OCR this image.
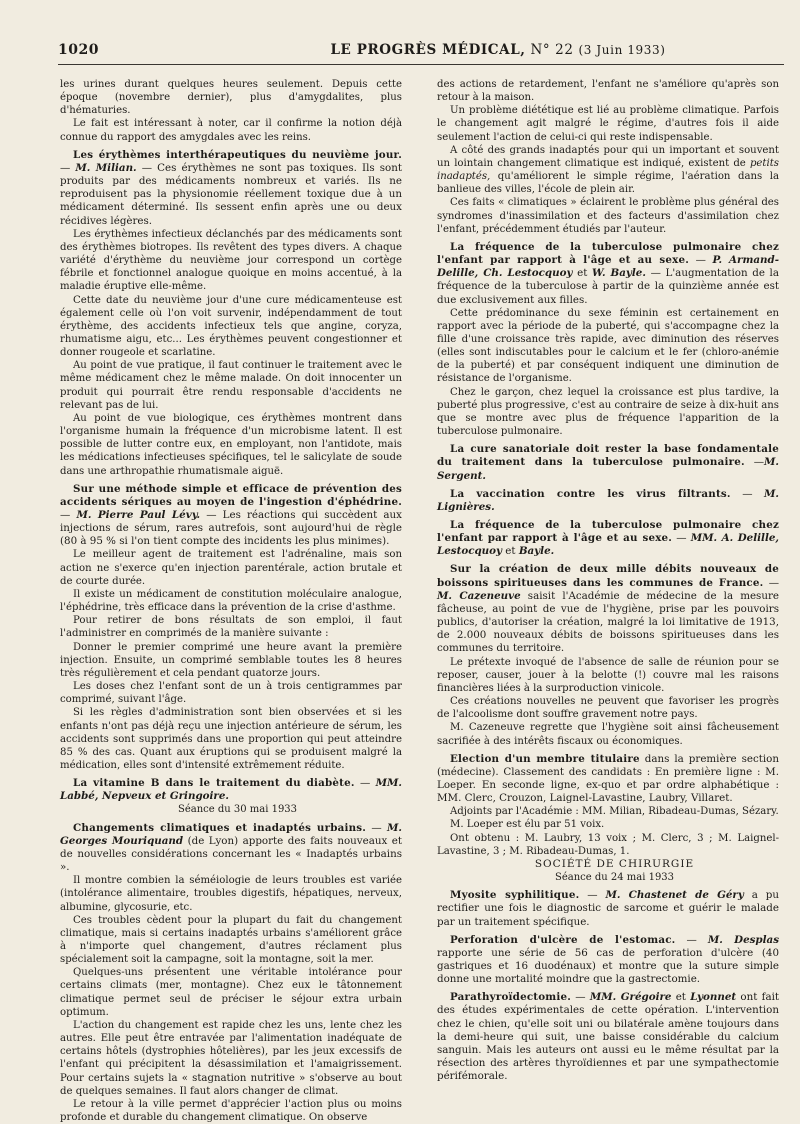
1020	LE PROGRÈS MÉDICAL, N° 22 (3 Juin 1933)

les urines durant quelques heures seulement. Depuis cette époque (novembre dernier), plus d'amygdalites, plus d'hématuries.

Le fait est intéressant à noter, car il confirme la notion déjà connue du rapport des amygdales avec les reins.

Les érythèmes interthérapeutiques du neuvième jour. — M. Milian. — Ces érythèmes ne sont pas toxiques. Ils sont produits par des médicaments nombreux et variés. Ils ne reproduisent pas la physionomie réellement toxique due à un médicament déterminé. Ils sessent enfin après une ou deux récidives légères.

Les érythèmes infectieux déclanchés par des médicaments sont des érythèmes biotropes. Ils revêtent des types divers. A chaque variété d'érythème du neuvième jour correspond un cortège fébrile et fonctionnel analogue quoique en moins accentué, à la maladie éruptive elle-même.

Cette date du neuvième jour d'une cure médicamenteuse est également celle où l'on voit survenir, indépendamment de tout érythème, des accidents infectieux tels que angine, coryza, rhumatisme aigu, etc... Les érythèmes peuvent congestionner et donner rougeole et scarlatine.

Au point de vue pratique, il faut continuer le traitement avec le même médicament chez le même malade. On doit innocenter un produit qui pourrait être rendu responsable d'accidents ne relevant pas de lui.

Au point de vue biologique, ces érythèmes montrent dans l'organisme humain la fréquence d'un microbisme latent. Il est possible de lutter contre eux, en employant, non l'antidote, mais les médications infectieuses spécifiques, tel le salicylate de soude dans une arthropathie rhumatismale aiguë.

Sur une méthode simple et efficace de prévention des accidents sériques au moyen de l'ingestion d'éphédrine. — M. Pierre Paul Lévy. — Les réactions qui succèdent aux injections de sérum, rares autrefois, sont aujourd'hui de règle (80 à 95 % si l'on tient compte des incidents les plus minimes).

Le meilleur agent de traitement est l'adrénaline, mais son action ne s'exerce qu'en injection parentérale, action brutale et de courte durée.

Il existe un médicament de constitution moléculaire analogue, l'éphédrine, très efficace dans la prévention de la crise d'asthme.

Pour retirer de bons résultats de son emploi, il faut l'administrer en comprimés de la manière suivante :

Donner le premier comprimé une heure avant la première injection. Ensuite, un comprimé semblable toutes les 8 heures très régulièrement et cela pendant quatorze jours.

Les doses chez l'enfant sont de un à trois centigrammes par comprimé, suivant l'âge.

Si les règles d'administration sont bien observées et si les enfants n'ont pas déjà reçu une injection antérieure de sérum, les accidents sont supprimés dans une proportion qui peut atteindre 85 % des cas. Quant aux éruptions qui se produisent malgré la médication, elles sont d'intensité extrêmement réduite.

La vitamine B dans le traitement du diabète. — MM. Labbé, Nepveux et Gringoire.

Séance du 30 mai 1933

Changements climatiques et inadaptés urbains. — M. Georges Mouriquand (de Lyon) apporte des faits nouveaux et de nouvelles considérations concernant les « Inadaptés urbains ».

Il montre combien la séméiologie de leurs troubles est variée (intolérance alimentaire, troubles digestifs, hépatiques, nerveux, albumine, glycosurie, etc.

Ces troubles cèdent pour la plupart du fait du changement climatique, mais si certains inadaptés urbains s'améliorent grâce à n'importe quel changement, d'autres réclament plus spécialement soit la campagne, soit la montagne, soit la mer.

Quelques-uns présentent une véritable intolérance pour certains climats (mer, montagne). Chez eux le tâtonnement climatique permet seul de préciser le séjour extra urbain optimum.

L'action du changement est rapide chez les uns, lente chez les autres. Elle peut être entravée par l'alimentation inadéquate de certains hôtels (dystrophies hôtelières), par les jeux excessifs de l'enfant qui précipitent la désassimilation et l'amaigrissement. Pour certains sujets la « stagnation nutritive » s'observe au bout de quelques semaines. Il faut alors changer de climat.

Le retour à la ville permet d'apprécier l'action plus ou moins profonde et durable du changement climatique. On observe

des actions de retardement, l'enfant ne s'améliore qu'après son retour à la maison.

Un problème diététique est lié au problème climatique. Parfois le changement agit malgré le régime, d'autres fois il aide seulement l'action de celui-ci qui reste indispensable.

A côté des grands inadaptés pour qui un important et souvent un lointain changement climatique est indiqué, existent de petits inadaptés, qu'améliorent le simple régime, l'aération dans la banlieue des villes, l'école de plein air.

Ces faits « climatiques » éclairent le problème plus général des syndromes d'inassimilation et des facteurs d'assimilation chez l'enfant, précédemment étudiés par l'auteur.

La fréquence de la tuberculose pulmonaire chez l'enfant par rapport à l'âge et au sexe. — P. Armand-Delille, Ch. Lestocquoy et W. Bayle. — L'augmentation de la fréquence de la tuberculose à partir de la quinzième année est due exclusivement aux filles.

Cette prédominance du sexe féminin est certainement en rapport avec la période de la puberté, qui s'accompagne chez la fille d'une croissance très rapide, avec diminution des réserves (elles sont indiscutables pour le calcium et le fer (chloro-anémie de la puberté) et par conséquent indiquent une diminution de résistance de l'organisme.

Chez le garçon, chez lequel la croissance est plus tardive, la puberté plus progressive, c'est au contraire de seize à dix-huit ans que se montre avec plus de fréquence l'apparition de la tuberculose pulmonaire.

La cure sanatoriale doit rester la base fondamentale du traitement dans la tuberculose pulmonaire. —M. Sergent.

La vaccination contre les virus filtrants. — M. Lignières.

La fréquence de la tuberculose pulmonaire chez l'enfant par rapport à l'âge et au sexe. — MM. A. Delille, Lestocquoy et Bayle.

Sur la création de deux mille débits nouveaux de boissons spiritueuses dans les communes de France. — M. Cazeneuve saisit l'Académie de médecine de la mesure fâcheuse, au point de vue de l'hygiène, prise par les pouvoirs publics, d'autoriser la création, malgré la loi limitative de 1913, de 2.000 nouveaux débits de boissons spiritueuses dans les communes du territoire.

Le prétexte invoqué de l'absence de salle de réunion pour se reposer, causer, jouer à la belotte (!) couvre mal les raisons financières liées à la surproduction vinicole.

Ces créations nouvelles ne peuvent que favoriser les progrès de l'alcoolisme dont souffre gravement notre pays.

M. Cazeneuve regrette que l'hygiène soit ainsi fâcheusement sacrifiée à des intérêts fiscaux ou économiques.

Election d'un membre titulaire dans la première section (médecine). Classement des candidats : En première ligne : M. Loeper. En seconde ligne, ex-quo et par ordre alphabétique : MM. Clerc, Crouzon, Laignel-Lavastine, Laubry, Villaret.

Adjoints par l'Académie : MM. Milian, Ribadeau-Dumas, Sézary.

M. Loeper est élu par 51 voix.

Ont obtenu : M. Laubry, 13 voix ; M. Clerc, 3 ; M. Laignel-Lavastine, 3 ; M. Ribadeau-Dumas, 1.

SOCIÉTÉ DE CHIRURGIE

Séance du 24 mai 1933

Myosite syphilitique. — M. Chastenet de Géry a pu rectifier une fois le diagnostic de sarcome et guérir le malade par un traitement spécifique.

Perforation d'ulcère de l'estomac. — M. Desplas rapporte une série de 56 cas de perforation d'ulcère (40 gastriques et 16 duodénaux) et montre que la suture simple donne une mortalité moindre que la gastrectomie.

Parathyroïdectomie. — MM. Grégoire et Lyonnet ont fait des études expérimentales de cette opération. L'intervention chez le chien, qu'elle soit uni ou bilatérale amène toujours dans la demi-heure qui suit, une baisse considérable du calcium sanguin. Mais les auteurs ont aussi eu le même résultat par la résection des artères thyroïdiennes et par une sympathectomie périfémorale.
